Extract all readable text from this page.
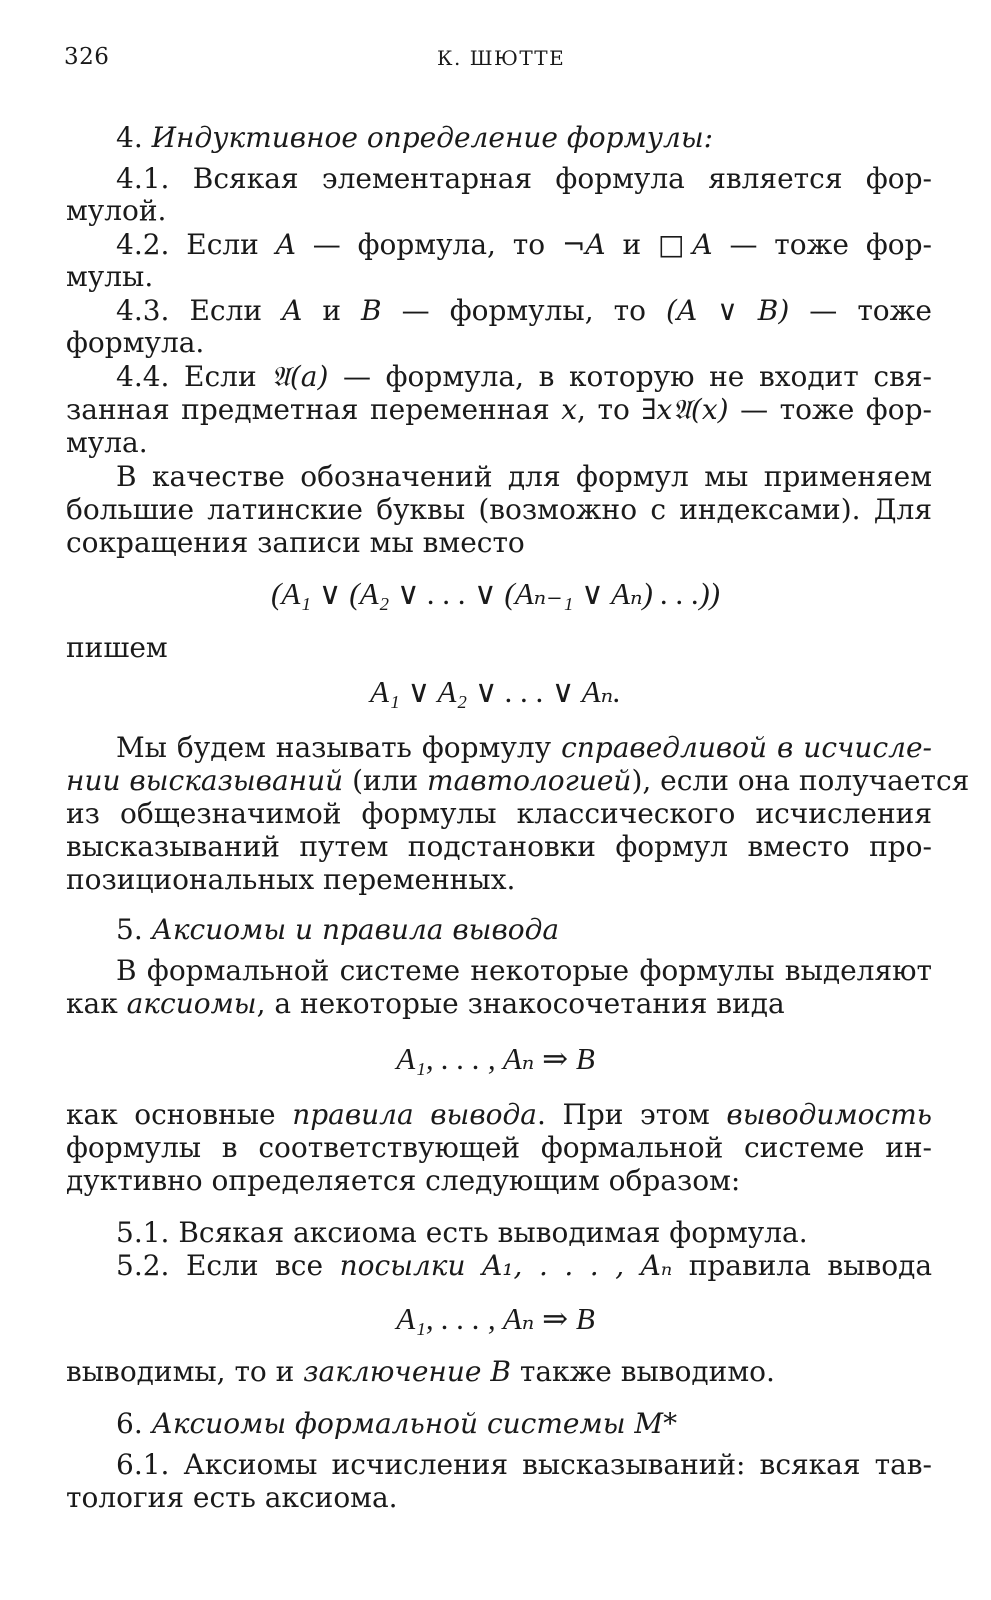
326	К. ШЮТТЕ
4. Индуктивное определение формулы:
4.1. Всякая элементарная формула является фор-
мулой.
4.2. Если A — формула, то ¬A и □A — тоже фор-
мулы.
4.3. Если A и B — формулы, то (A ∨ B) — тоже
формула.
4.4. Если 𝔄(a) — формула, в которую не входит свя-
занная предметная переменная x, то ∃x𝔄(x) — тоже фор-
мула.
В качестве обозначений для формул мы применяем
большие латинские буквы (возможно с индексами). Для
сокращения записи мы вместо
(A₁ ∨ (A₂ ∨ . . . ∨ (Aₙ₋₁ ∨ Aₙ) . . .))
пишем
A₁ ∨ A₂ ∨ . . . ∨ Aₙ.
Мы будем называть формулу справедливой в исчисле-
нии высказываний (или тавтологией), если она получается
из общезначимой формулы классического исчисления
высказываний путем подстановки формул вместо про-
позициональных переменных.
5. Аксиомы и правила вывода
В формальной системе некоторые формулы выделяют
как аксиомы, а некоторые знакосочетания вида
A₁, . . . , Aₙ ⇒ B
как основные правила вывода. При этом выводимость
формулы в соответствующей формальной системе ин-
дуктивно определяется следующим образом:
5.1. Всякая аксиома есть выводимая формула.
5.2. Если все посылки A₁, . . . , Aₙ правила вывода
A₁, . . . , Aₙ ⇒ B
выводимы, то и заключение B также выводимо.
6. Аксиомы формальной системы M*
6.1. Аксиомы исчисления высказываний: всякая тав-
тология есть аксиома.
